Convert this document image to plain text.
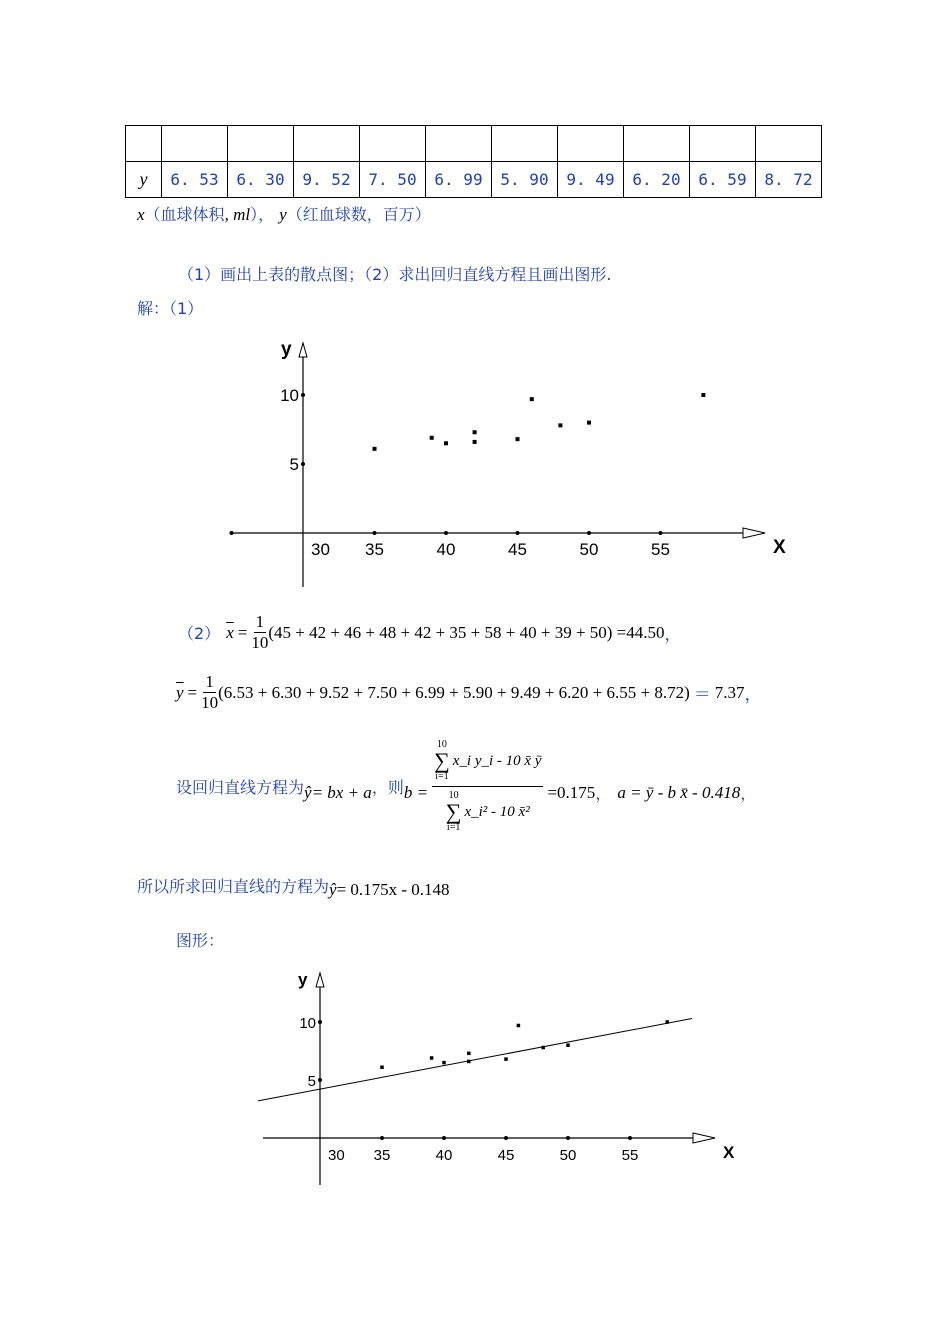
y	6. 53	6. 30	9. 52	7. 50	6. 99	5. 90	9. 49	6. 20	6. 59	8. 72
x（血球体积, ml）， y（红血球数，百万）
（1）画出上表的散点图；（2）求出回归直线方程且画出图形.
解：（1）
X
y
30 35	40	45	50	55
5
10
（2） $\overline{x} = \frac{1}{10} (45 + 42 + 46 + 48 + 42 + 35 + 58 + 40 + 39 + 50) = 44.50$ ，
$\overline{y} = \frac{1}{10} (6.53 + 6.30 + 9.52 + 7.50 + 6.99 + 5.90 + 9.49 + 6.20 + 6.55 + 8.72) = 7.37$ ，
设回归直线方程为 ŷ = bx + a ，则 b = 10
∑
i=1
x_i y_i - 10 x̄ ȳ
10
∑
i=1
x_i² - 10 x̄² =0.175 ， a = ȳ - b x̄ - 0.418 ，
所以所求回归直线的方程为 ŷ = 0.175x - 0.148
图形：
X
y
30 35	40	45	50	55
5
10
